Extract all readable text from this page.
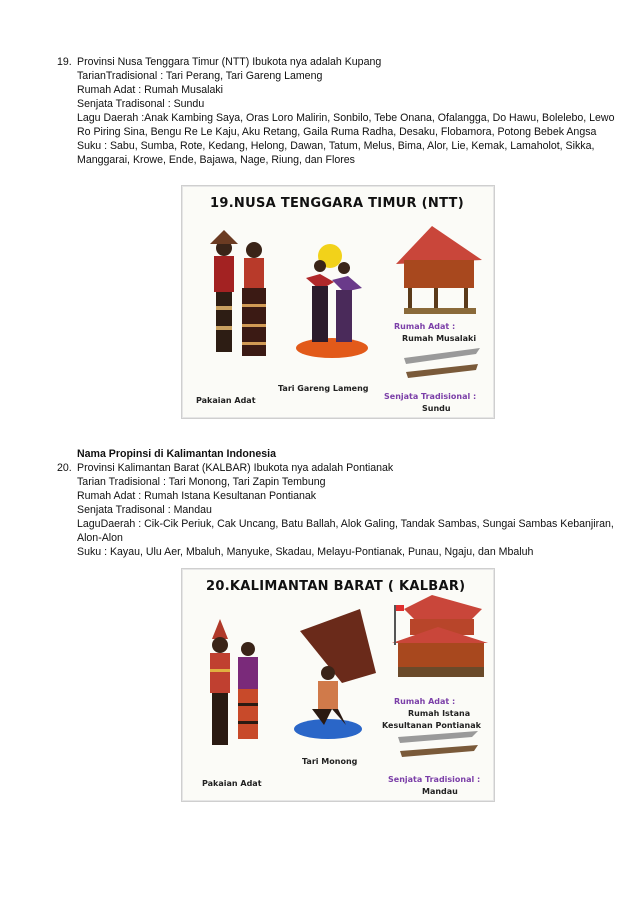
19. Provinsi Nusa Tenggara Timur (NTT) Ibukota nya adalah Kupang
TarianTradisional : Tari Perang, Tari Gareng Lameng
Rumah Adat : Rumah Musalaki
Senjata Tradisonal : Sundu
Lagu Daerah :Anak Kambing Saya, Oras Loro Malirin, Sonbilo, Tebe Onana, Ofalangga, Do Hawu, Bolelebo, Lewo Ro Piring Sina, Bengu Re Le Kaju, Aku Retang, Gaila Ruma Radha, Desaku, Flobamora, Potong Bebek Angsa
Suku : Sabu, Sumba, Rote, Kedang, Helong, Dawan, Tatum, Melus, Bima, Alor, Lie, Kemak, Lamaholot, Sikka, Manggarai, Krowe, Ende, Bajawa, Nage, Riung, dan Flores
19.NUSA TENGGARA TIMUR (NTT)
Pakaian Adat
Tari Gareng Lameng
Rumah Adat :
Rumah Musalaki
Senjata Tradisional :
Sundu
Nama Propinsi di Kalimantan Indonesia
20. Provinsi Kalimantan Barat (KALBAR) Ibukota nya adalah Pontianak
Tarian Tradisional : Tari Monong, Tari Zapin Tembung
Rumah Adat : Rumah Istana Kesultanan Pontianak
Senjata Tradisonal : Mandau
LaguDaerah : Cik-Cik Periuk, Cak Uncang, Batu Ballah, Alok Galing, Tandak Sambas, Sungai Sambas Kebanjiran, Alon-Alon
Suku : Kayau, Ulu Aer, Mbaluh, Manyuke, Skadau, Melayu-Pontianak, Punau, Ngaju, dan Mbaluh
20.KALIMANTAN BARAT ( KALBAR)
Pakaian Adat
Tari Monong
Rumah Adat :
Rumah Istana
Kesultanan Pontianak
Senjata Tradisional :
Mandau
